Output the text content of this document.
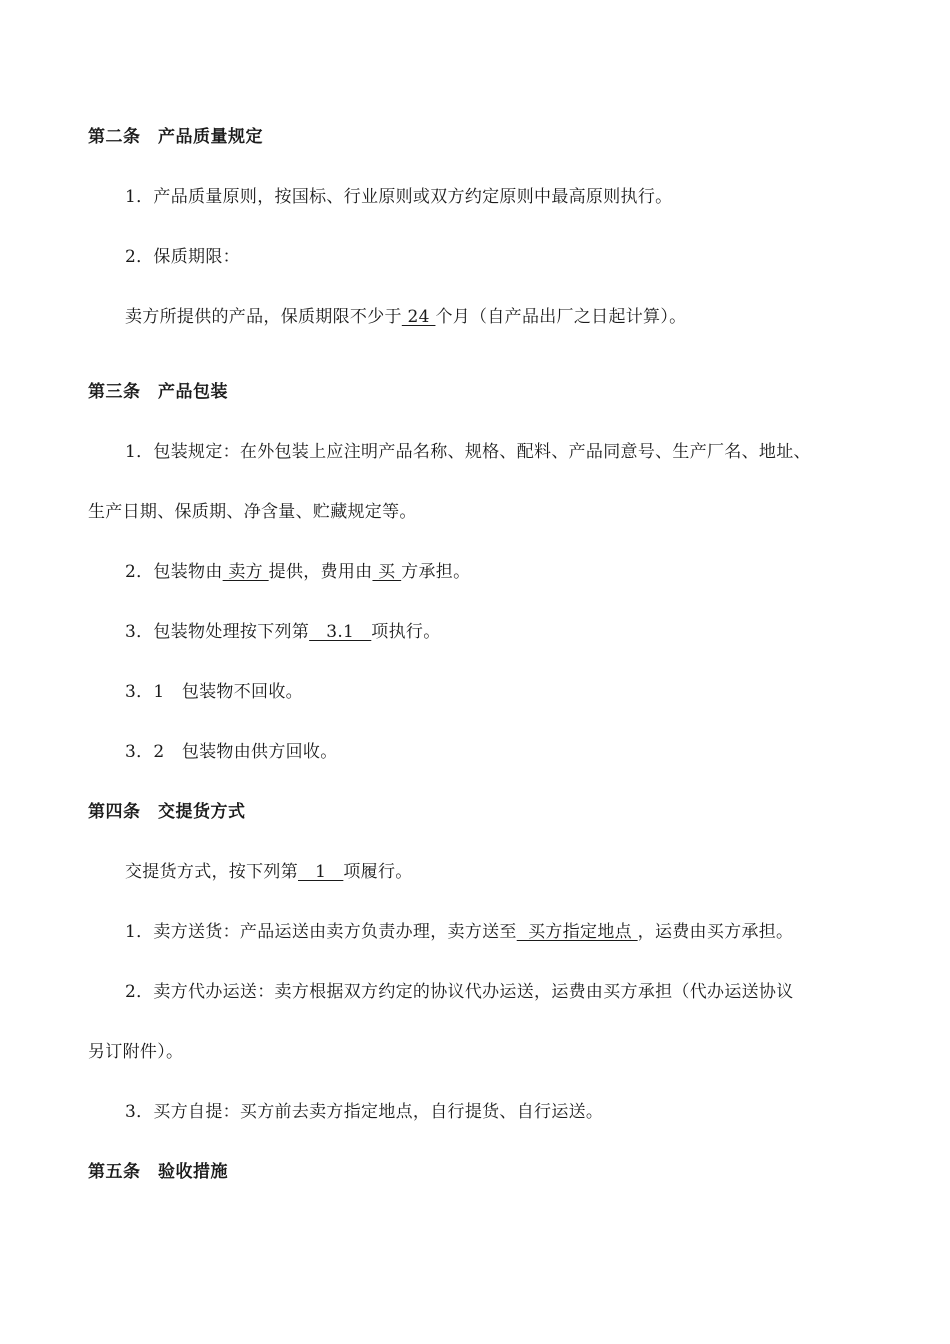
第二条　产品质量规定
1．产品质量原则，按国标、行业原则或双方约定原则中最高原则执行。
2．保质期限：
卖方所提供的产品，保质期限不少于 24 个月（自产品出厂之日起计算）。
第三条　产品包装
1．包装规定：在外包装上应注明产品名称、规格、配料、产品同意号、生产厂名、地址、
生产日期、保质期、净含量、贮藏规定等。
2．包装物由 卖方 提供，费用由 买 方承担。
3．包装物处理按下列第   3.1   项执行。
3．1　包装物不回收。
3．2　包装物由供方回收。
第四条　交提货方式
交提货方式，按下列第   1   项履行。
1．卖方送货：产品运送由卖方负责办理，卖方送至  买方指定地点 ，运费由买方承担。
2．卖方代办运送：卖方根据双方约定的协议代办运送，运费由买方承担（代办运送协议
另订附件）。
3．买方自提：买方前去卖方指定地点，自行提货、自行运送。
第五条　验收措施
